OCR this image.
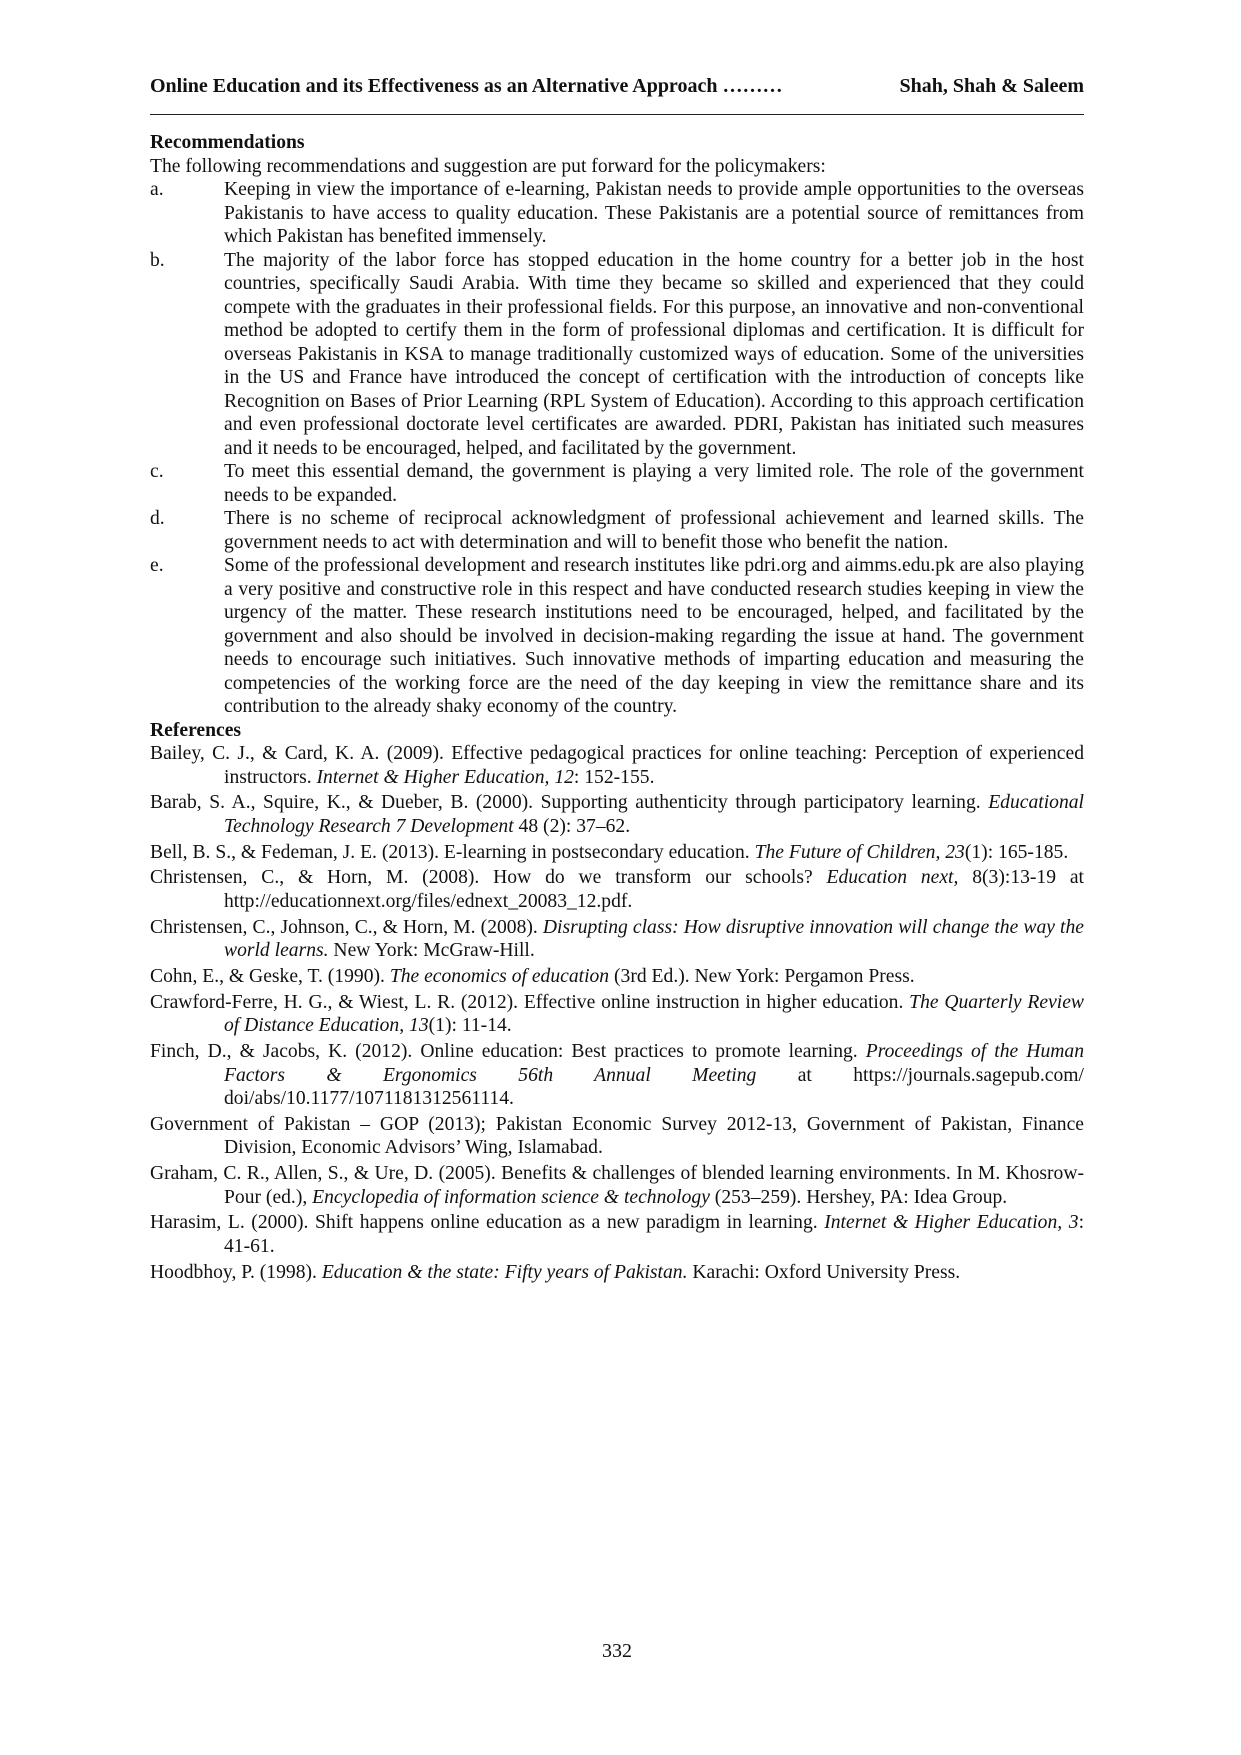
Online Education and its Effectiveness as an Alternative Approach ………	Shah, Shah & Saleem

Recommendations

The following recommendations and suggestion are put forward for the policymakers:

a.	Keeping in view the importance of e-learning, Pakistan needs to provide ample opportunities to the overseas Pakistanis to have access to quality education. These Pakistanis are a potential source of remittances from which Pakistan has benefited immensely.
b.	The majority of the labor force has stopped education in the home country for a better job in the host countries, specifically Saudi Arabia. With time they became so skilled and experienced that they could compete with the graduates in their professional fields. For this purpose, an innovative and non-conventional method be adopted to certify them in the form of professional diplomas and certification. It is difficult for overseas Pakistanis in KSA to manage traditionally customized ways of education. Some of the universities in the US and France have introduced the concept of certification with the introduction of concepts like Recognition on Bases of Prior Learning (RPL System of Education). According to this approach certification and even professional doctorate level certificates are awarded. PDRI, Pakistan has initiated such measures and it needs to be encouraged, helped, and facilitated by the government.
c.	To meet this essential demand, the government is playing a very limited role. The role of the government needs to be expanded.
d.	There is no scheme of reciprocal acknowledgment of professional achievement and learned skills. The government needs to act with determination and will to benefit those who benefit the nation.
e.	Some of the professional development and research institutes like pdri.org and aimms.edu.pk are also playing a very positive and constructive role in this respect and have conducted research studies keeping in view the urgency of the matter. These research institutions need to be encouraged, helped, and facilitated by the government and also should be involved in decision-making regarding the issue at hand. The government needs to encourage such initiatives. Such innovative methods of imparting education and measuring the competencies of the working force are the need of the day keeping in view the remittance share and its contribution to the already shaky economy of the country.

References

Bailey, C. J., & Card, K. A. (2009). Effective pedagogical practices for online teaching: Perception of experienced instructors. Internet & Higher Education, 12: 152-155.
Barab, S. A., Squire, K., & Dueber, B. (2000). Supporting authenticity through participatory learning. Educational Technology Research 7 Development 48 (2): 37–62.
Bell, B. S., & Fedeman, J. E. (2013). E-learning in postsecondary education. The Future of Children, 23(1): 165-185.
Christensen, C., & Horn, M. (2008). How do we transform our schools? Education next, 8(3):13-19 at http://educationnext.org/files/ednext_20083_12.pdf.
Christensen, C., Johnson, C., & Horn, M. (2008). Disrupting class: How disruptive innovation will change the way the world learns. New York: McGraw-Hill.
Cohn, E., & Geske, T. (1990). The economics of education (3rd Ed.). New York: Pergamon Press.
Crawford-Ferre, H. G., & Wiest, L. R. (2012). Effective online instruction in higher education. The Quarterly Review of Distance Education, 13(1): 11-14.
Finch, D., & Jacobs, K. (2012). Online education: Best practices to promote learning. Proceedings of the Human Factors & Ergonomics 56th Annual Meeting at https://journals.sagepub.com/ doi/abs/10.1177/1071181312561114.
Government of Pakistan – GOP (2013); Pakistan Economic Survey 2012-13, Government of Pakistan, Finance Division, Economic Advisors’ Wing, Islamabad.
Graham, C. R., Allen, S., & Ure, D. (2005). Benefits & challenges of blended learning environments. In M. Khosrow-Pour (ed.), Encyclopedia of information science & technology (253–259). Hershey, PA: Idea Group.
Harasim, L. (2000). Shift happens online education as a new paradigm in learning. Internet & Higher Education, 3: 41-61.
Hoodbhoy, P. (1998). Education & the state: Fifty years of Pakistan. Karachi: Oxford University Press.
332
